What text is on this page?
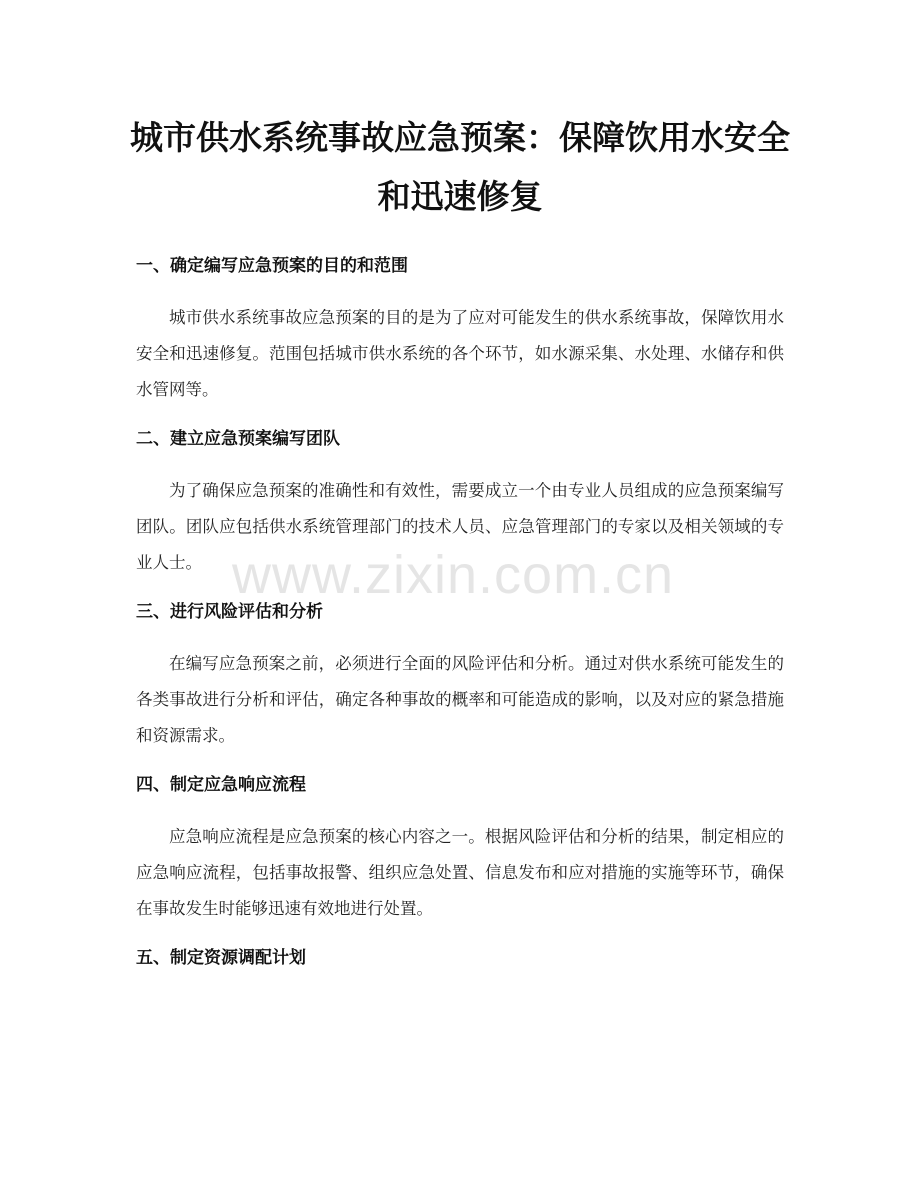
城市供水系统事故应急预案：保障饮用水安全和迅速修复
一、确定编写应急预案的目的和范围

城市供水系统事故应急预案的目的是为了应对可能发生的供水系统事故，保障饮用水安全和迅速修复。范围包括城市供水系统的各个环节，如水源采集、水处理、水储存和供水管网等。

二、建立应急预案编写团队

为了确保应急预案的准确性和有效性，需要成立一个由专业人员组成的应急预案编写团队。团队应包括供水系统管理部门的技术人员、应急管理部门的专家以及相关领域的专业人士。

三、进行风险评估和分析

在编写应急预案之前，必须进行全面的风险评估和分析。通过对供水系统可能发生的各类事故进行分析和评估，确定各种事故的概率和可能造成的影响，以及对应的紧急措施和资源需求。

四、制定应急响应流程

应急响应流程是应急预案的核心内容之一。根据风险评估和分析的结果，制定相应的应急响应流程，包括事故报警、组织应急处置、信息发布和应对措施的实施等环节，确保在事故发生时能够迅速有效地进行处置。

五、制定资源调配计划
www.zixin.com.cn
